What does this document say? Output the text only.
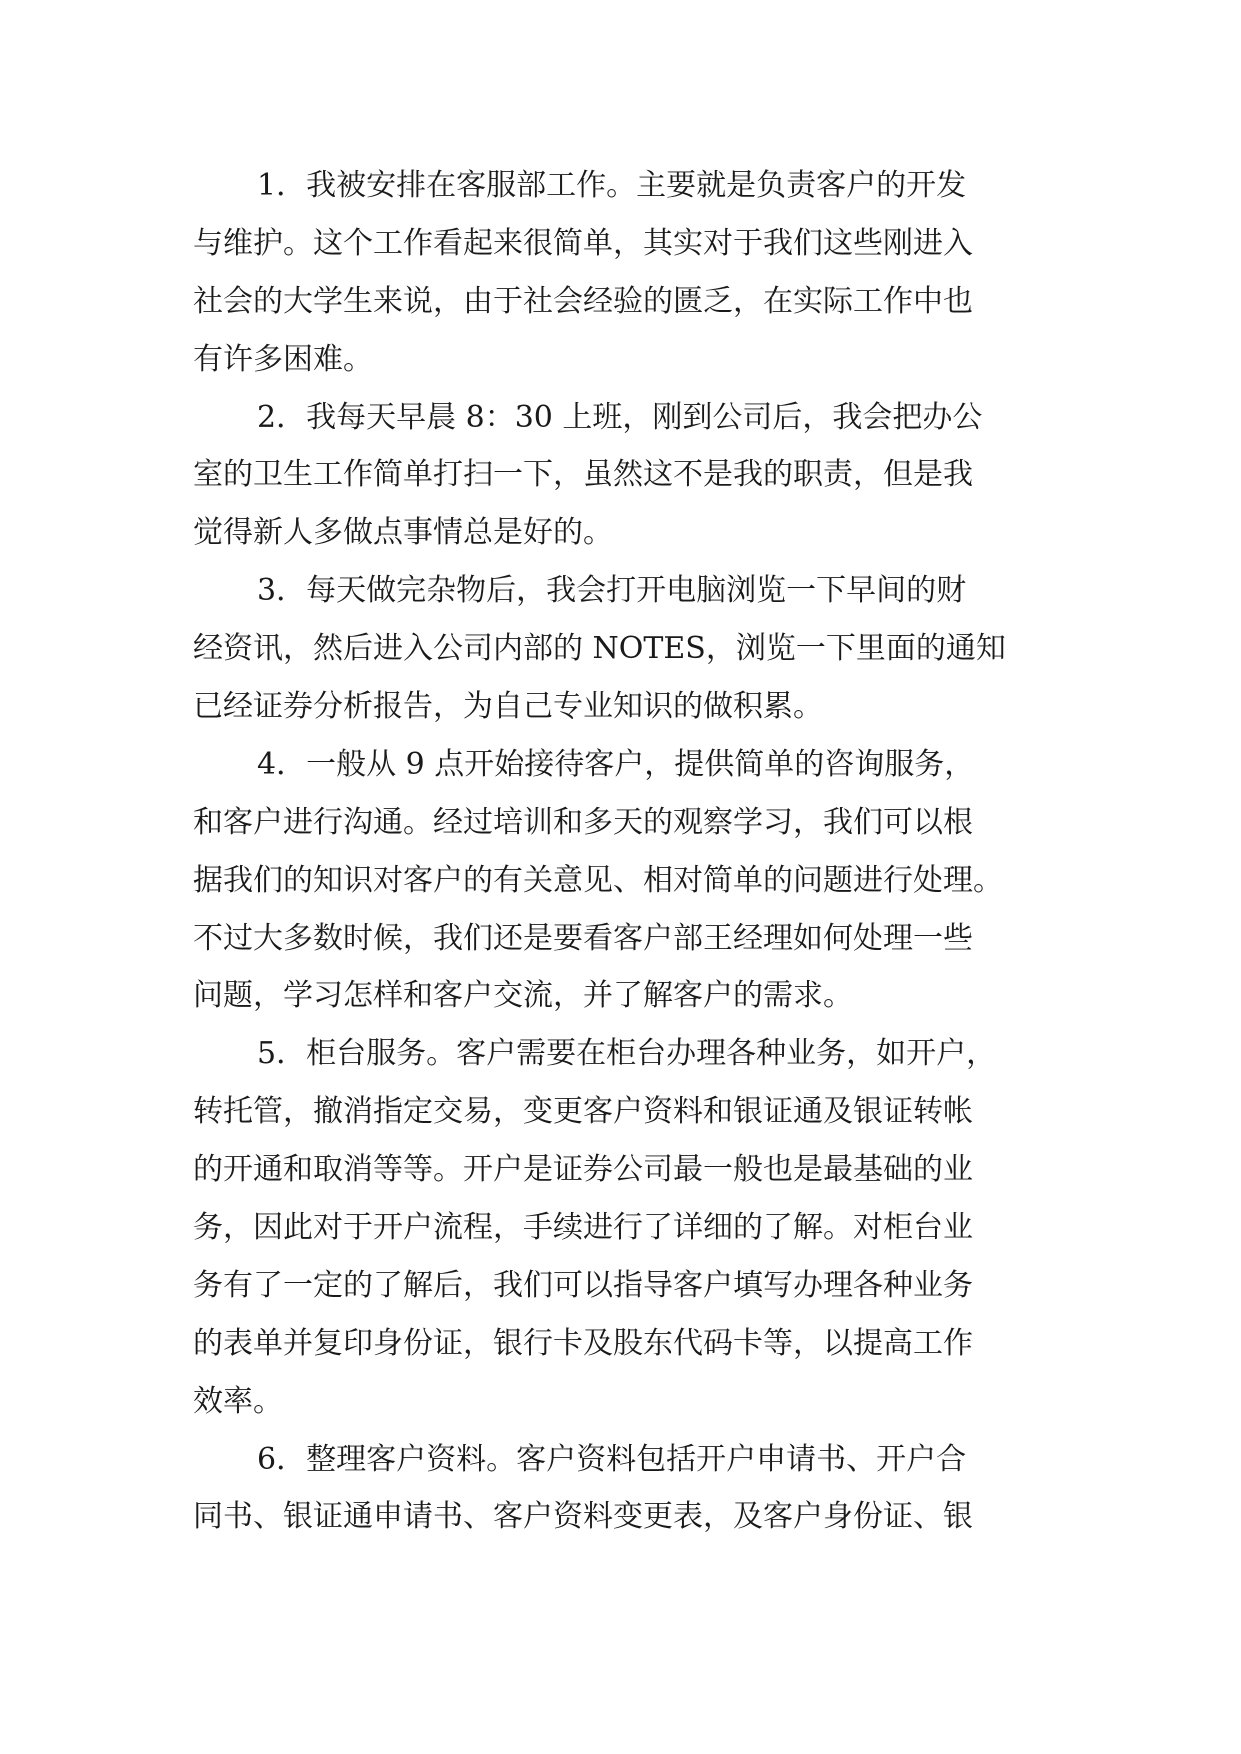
1．我被安排在客服部工作。主要就是负责客户的开发
与维护。这个工作看起来很简单，其实对于我们这些刚进入
社会的大学生来说，由于社会经验的匮乏，在实际工作中也
有许多困难。
2．我每天早晨 8：30 上班，刚到公司后，我会把办公
室的卫生工作简单打扫一下，虽然这不是我的职责，但是我
觉得新人多做点事情总是好的。
3．每天做完杂物后，我会打开电脑浏览一下早间的财
经资讯，然后进入公司内部的 NOTES，浏览一下里面的通知
已经证券分析报告，为自己专业知识的做积累。
4．一般从 9 点开始接待客户，提供简单的咨询服务，
和客户进行沟通。经过培训和多天的观察学习，我们可以根
据我们的知识对客户的有关意见、相对简单的问题进行处理。
不过大多数时候，我们还是要看客户部王经理如何处理一些
问题，学习怎样和客户交流，并了解客户的需求。
5．柜台服务。客户需要在柜台办理各种业务，如开户，
转托管，撤消指定交易，变更客户资料和银证通及银证转帐
的开通和取消等等。开户是证券公司最一般也是最基础的业
务，因此对于开户流程，手续进行了详细的了解。对柜台业
务有了一定的了解后，我们可以指导客户填写办理各种业务
的表单并复印身份证，银行卡及股东代码卡等，以提高工作
效率。
6．整理客户资料。客户资料包括开户申请书、开户合
同书、银证通申请书、客户资料变更表，及客户身份证、银
